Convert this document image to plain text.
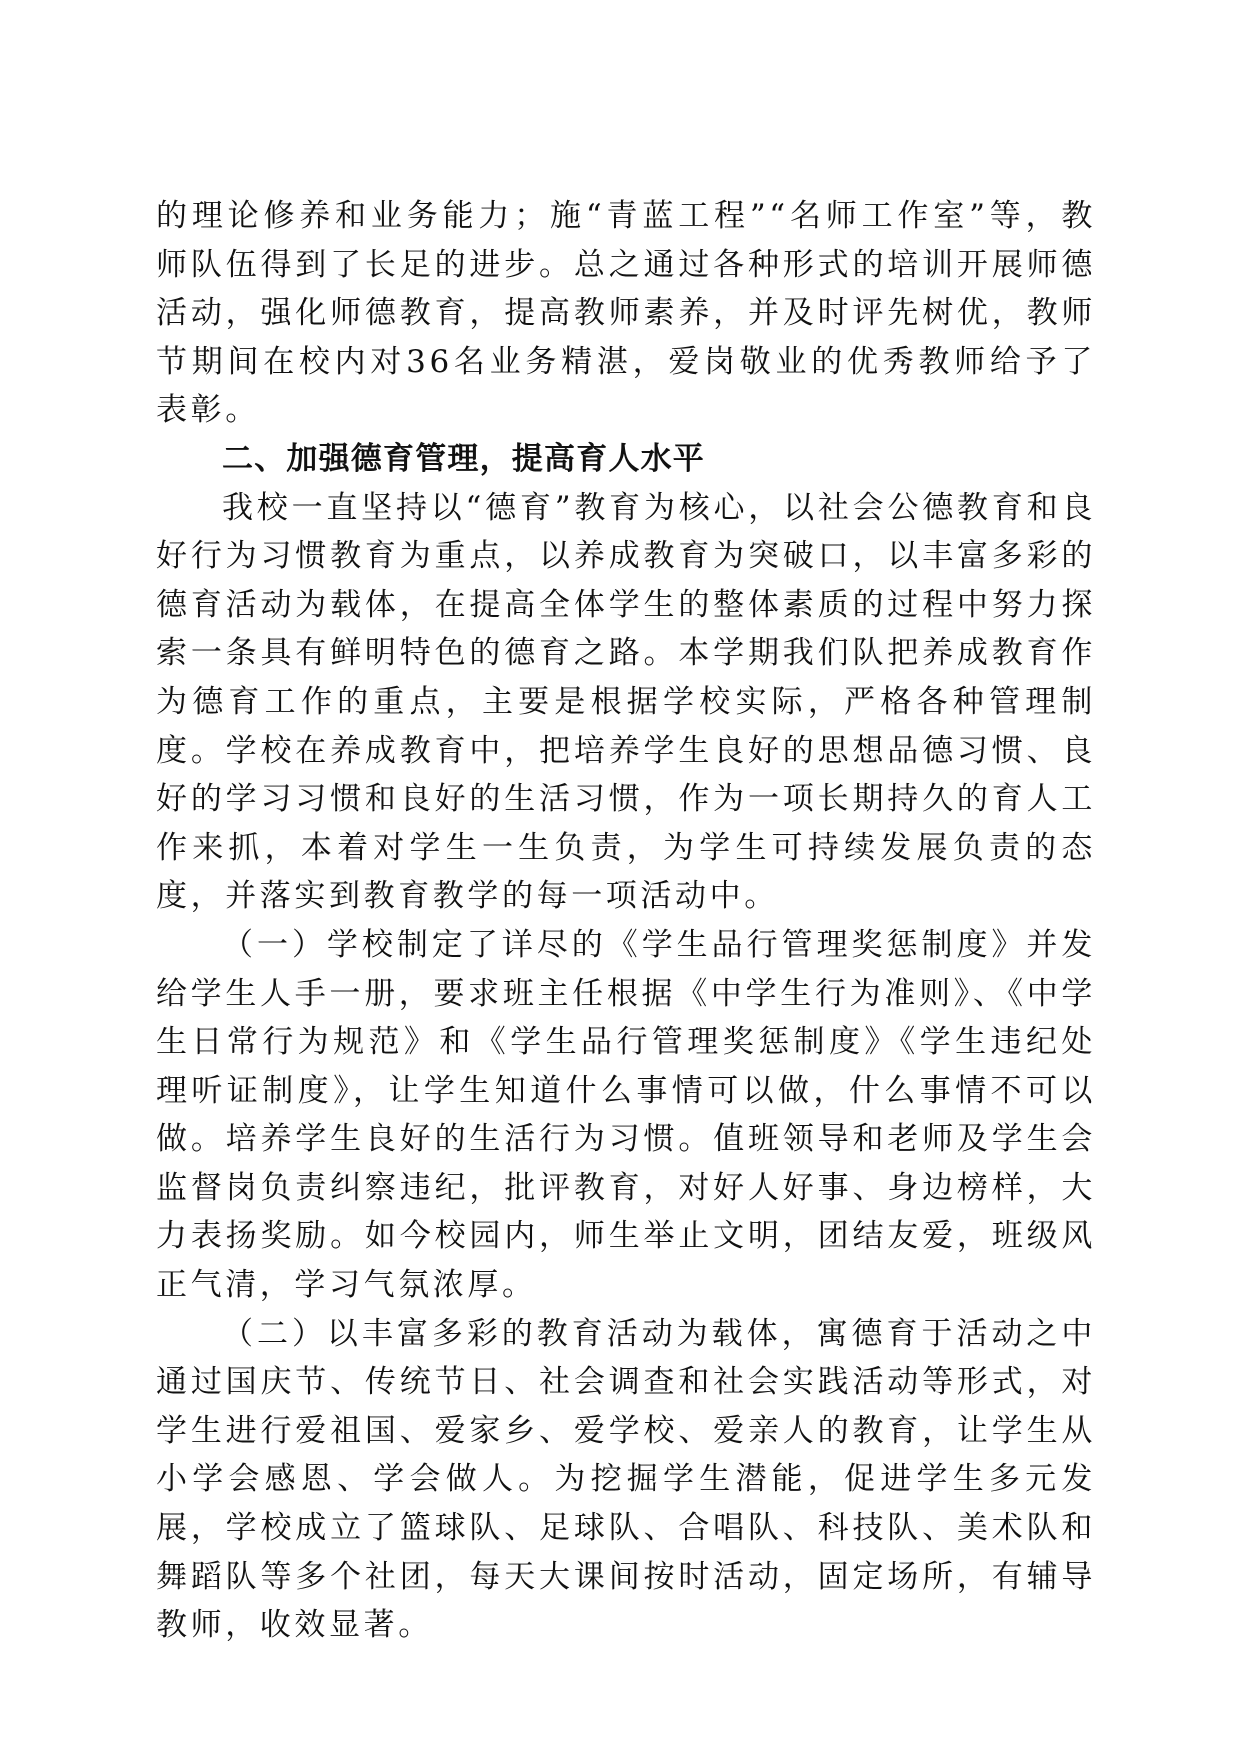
的理论修养和业务能力；施“青蓝工程”“名师工作室”等，教师队伍得到了长足的进步。总之通过各种形式的培训开展师德活动，强化师德教育，提高教师素养，并及时评先树优，教师节期间在校内对36名业务精湛，爱岗敬业的优秀教师给予了表彰。

二、加强德育管理，提高育人水平

我校一直坚持以“德育”教育为核心，以社会公德教育和良好行为习惯教育为重点，以养成教育为突破口，以丰富多彩的德育活动为载体，在提高全体学生的整体素质的过程中努力探索一条具有鲜明特色的德育之路。本学期我们队把养成教育作为德育工作的重点，主要是根据学校实际，严格各种管理制度。学校在养成教育中，把培养学生良好的思想品德习惯、良好的学习习惯和良好的生活习惯，作为一项长期持久的育人工作来抓，本着对学生一生负责，为学生可持续发展负责的态度，并落实到教育教学的每一项活动中。

（一）学校制定了详尽的《学生品行管理奖惩制度》并发给学生人手一册，要求班主任根据《中学生行为准则》、《中学生日常行为规范》和《学生品行管理奖惩制度》《学生违纪处理听证制度》，让学生知道什么事情可以做，什么事情不可以做。培养学生良好的生活行为习惯。值班领导和老师及学生会监督岗负责纠察违纪，批评教育，对好人好事、身边榜样，大力表扬奖励。如今校园内，师生举止文明，团结友爱，班级风正气清，学习气氛浓厚。

（二）以丰富多彩的教育活动为载体，寓德育于活动之中通过国庆节、传统节日、社会调查和社会实践活动等形式，对学生进行爱祖国、爱家乡、爱学校、爱亲人的教育，让学生从小学会感恩、学会做人。为挖掘学生潜能，促进学生多元发展，学校成立了篮球队、足球队、合唱队、科技队、美术队和舞蹈队等多个社团，每天大课间按时活动，固定场所，有辅导教师，收效显著。
